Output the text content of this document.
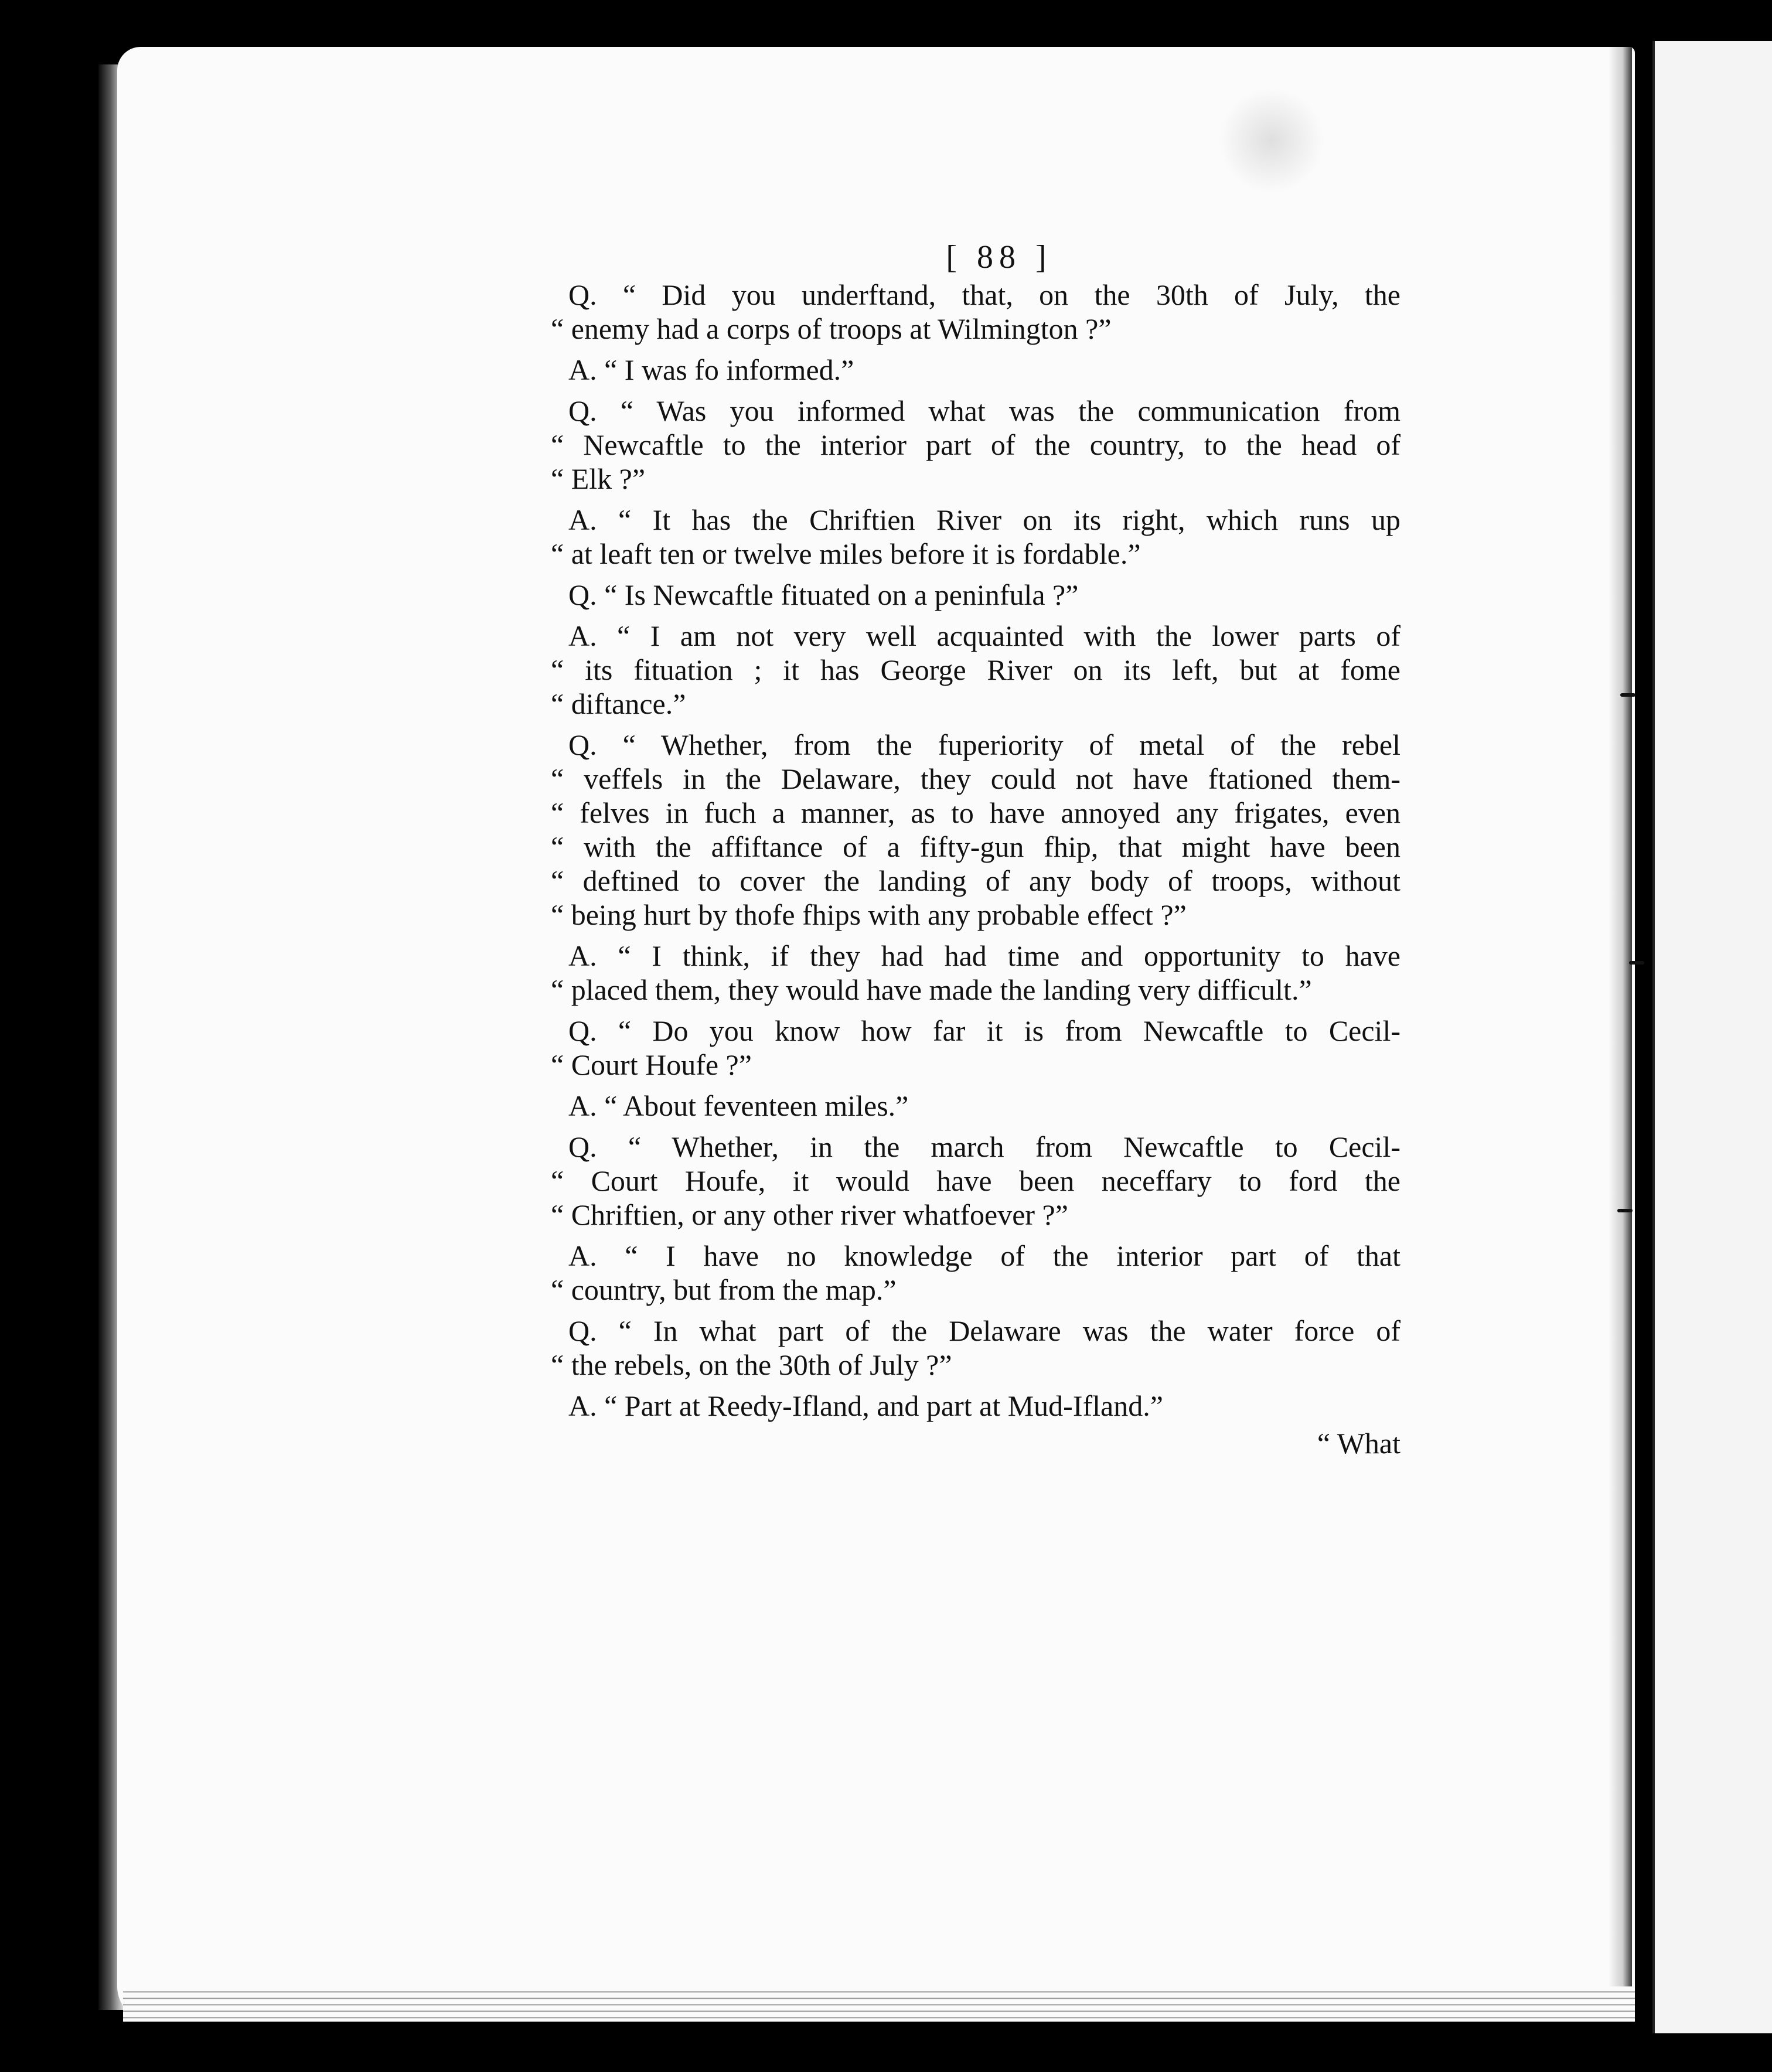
[ 88 ]
Q. “ Did you underftand, that, on the 30th of July, the
“ enemy had a corps of troops at Wilmington ?”
A. “ I was fo informed.”
Q. “ Was you informed what was the communication from
“ Newcaftle to the interior part of the country, to the head of
“ Elk ?”
A. “ It has the Chriftien River on its right, which runs up
“ at leaft ten or twelve miles before it is fordable.”
Q. “ Is Newcaftle fituated on a peninfula ?”
A. “ I am not very well acquainted with the lower parts of
“ its fituation ; it has George River on its left, but at fome
“ diftance.”
Q. “ Whether, from the fuperiority of metal of the rebel
“ veffels in the Delaware, they could not have ftationed them-
“ felves in fuch a manner, as to have annoyed any frigates, even
“ with the affiftance of a fifty-gun fhip, that might have been
“ deftined to cover the landing of any body of troops, without
“ being hurt by thofe fhips with any probable effect ?”
A. “ I think, if they had had time and opportunity to have
“ placed them, they would have made the landing very difficult.”
Q. “ Do you know how far it is from Newcaftle to Cecil-
“ Court Houfe ?”
A. “ About feventeen miles.”
Q. “ Whether, in the march from Newcaftle to Cecil-
“ Court Houfe, it would have been neceffary to ford the
“ Chriftien, or any other river whatfoever ?”
A. “ I have no knowledge of the interior part of that
“ country, but from the map.”
Q. “ In what part of the Delaware was the water force of
“ the rebels, on the 30th of July ?”
A. “ Part at Reedy-Ifland, and part at Mud-Ifland.”
“ What
